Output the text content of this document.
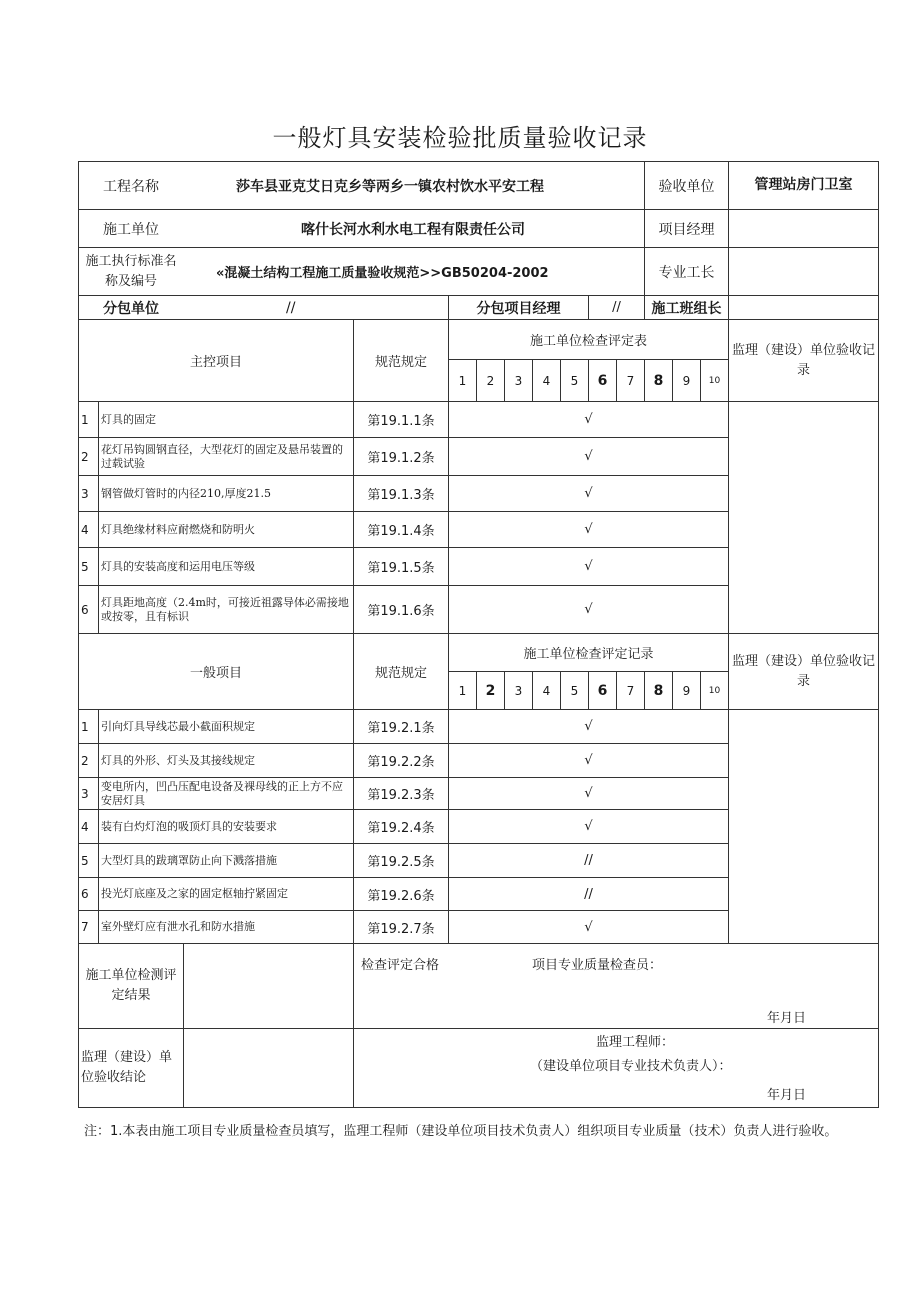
一般灯具安装检验批质量验收记录
工程名称 莎车县亚克艾日克乡等两乡一镇农村饮水平安工程										验收单位			管理站房门卫室

施工单位 喀什长河水利水电工程有限责任公司										项目经理			

施工执行标准名称及编号 «混凝土结构工程施工质量验收规范>>GB50204-2002										专业工长			

分包单位 //			分包项目经理					//		施工班组长			
主控项目		规范规定	施工单位检查评定表										监理（建设）单位验收记录
			1	2	3	4	5	6	7	8	9	10	
1	灯具的固定	第19.1.1条	√										
2	花灯吊钩圆钢直径，大型花灯的固定及悬吊装置的过载试验	第19.1.2条	√										
3	钢管做灯管时的内径210,厚度21.5	第19.1.3条	√										
4	灯具绝缘材料应耐燃烧和防明火	第19.1.4条	√										
5	灯具的安装高度和运用电压等级	第19.1.5条	√										
6	灯具距地高度（2.4m时，可接近祖露导体必需接地或按零，且有标识	第19.1.6条	√										
一般项目		规范规定	施工单位检查评定记录										监理（建设）单位验收记录
			1	2	3	4	5	6	7	8	9	10	
1	引向灯具导线芯最小截面积规定	第19.2.1条	√										
2	灯具的外形、灯头及其接线规定	第19.2.2条	√										
3	变电所内，凹凸压配电设备及裸母线的正上方不应安居灯具	第19.2.3条	√										
4	装有白灼灯泡的吸顶灯具的安装要求	第19.2.4条	√										
5	大型灯具的跋璃罩防止向下溅落措施	第19.2.5条	//										
6	投光灯底座及之家的固定枢轴拧紧固定	第19.2.6条	//										
7	室外壁灯应有泄水孔和防水措施	第19.2.7条	√										

施工单位检测评定结果		检查评定合格 项目专业质量检查员：
年月日											

监理（建设）单位验收结论		监理工程师：
（建设单位项目专业技术负责人）：
年月日											
注：1.本表由施工项目专业质量检查员填写，监理工程师（建设单位项目技术负责人）组织项目专业质量（技术）负责人进行验收。
